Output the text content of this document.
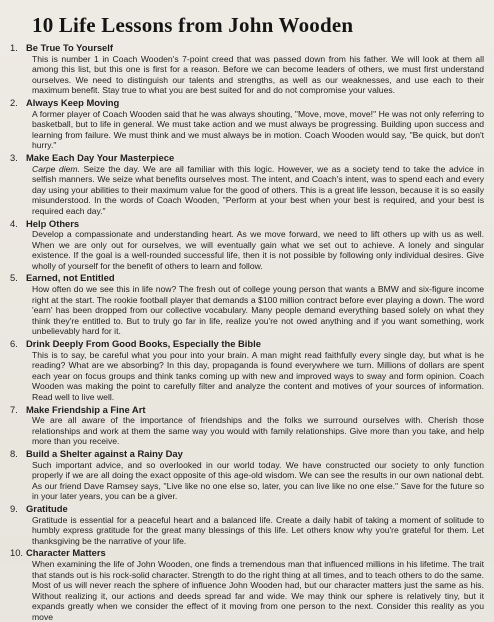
10 Life Lessons from John Wooden
1. Be True To Yourself

This is number 1 in Coach Wooden's 7-point creed that was passed down from his father. We will look at them all among this list, but this one is first for a reason. Before we can become leaders of others, we must first understand ourselves. We need to distinguish our talents and strengths, as well as our weaknesses, and use each to their maximum benefit. Stay true to what you are best suited for and do not compromise your values.

2. Always Keep Moving

A former player of Coach Wooden said that he was always shouting, "Move, move, move!" He was not only referring to basketball, but to life in general. We must take action and we must always be progressing. Building upon success and learning from failure. We must think and we must always be in motion. Coach Wooden would say, "Be quick, but don't hurry."

3. Make Each Day Your Masterpiece

Carpe diem. Seize the day. We are all familiar with this logic. However, we as a society tend to take the advice in selfish manners. We seize what benefits ourselves most. The intent, and Coach's intent, was to spend each and every day using your abilities to their maximum value for the good of others. This is a great life lesson, because it is so easily misunderstood. In the words of Coach Wooden, "Perform at your best when your best is required, and your best is required each day."

4. Help Others

Develop a compassionate and understanding heart. As we move forward, we need to lift others up with us as well. When we are only out for ourselves, we will eventually gain what we set out to achieve. A lonely and singular existence. If the goal is a well-rounded successful life, then it is not possible by following only individual desires. Give wholly of yourself for the benefit of others to learn and follow.

5. Earned, not Entitled

How often do we see this in life now? The fresh out of college young person that wants a BMW and six-figure income right at the start. The rookie football player that demands a $100 million contract before ever playing a down. The word 'earn' has been dropped from our collective vocabulary. Many people demand everything based solely on what they think they're entitled to. But to truly go far in life, realize you're not owed anything and if you want something, work unbelievably hard for it.

6. Drink Deeply From Good Books, Especially the Bible

This is to say, be careful what you pour into your brain. A man might read faithfully every single day, but what is he reading? What are we absorbing? In this day, propaganda is found everywhere we turn. Millions of dollars are spent each year on focus groups and think tanks coming up with new and improved ways to sway and form opinion. Coach Wooden was making the point to carefully filter and analyze the content and motives of your sources of information. Read well to live well.

7. Make Friendship a Fine Art

We are all aware of the importance of friendships and the folks we surround ourselves with. Cherish those relationships and work at them the same way you would with family relationships. Give more than you take, and help more than you receive.

8. Build a Shelter against a Rainy Day

Such important advice, and so overlooked in our world today. We have constructed our society to only function properly if we are all doing the exact opposite of this age-old wisdom. We can see the results in our own national debt. As our friend Dave Ramsey says, "Live like no one else so, later, you can live like no one else." Save for the future so in your later years, you can be a giver.

9. Gratitude

Gratitude is essential for a peaceful heart and a balanced life. Create a daily habit of taking a moment of solitude to humbly express gratitude for the great many blessings of this life. Let others know why you're grateful for them. Let thanksgiving be the narrative of your life.

10. Character Matters

When examining the life of John Wooden, one finds a tremendous man that influenced millions in his lifetime. The trait that stands out is his rock-solid character. Strength to do the right thing at all times, and to teach others to do the same. Most of us will never reach the sphere of influence John Wooden had, but our character matters just the same as his. Without realizing it, our actions and deeds spread far and wide. We may think our sphere is relatively tiny, but it expands greatly when we consider the effect of it moving from one person to the next. Consider this reality as you move
